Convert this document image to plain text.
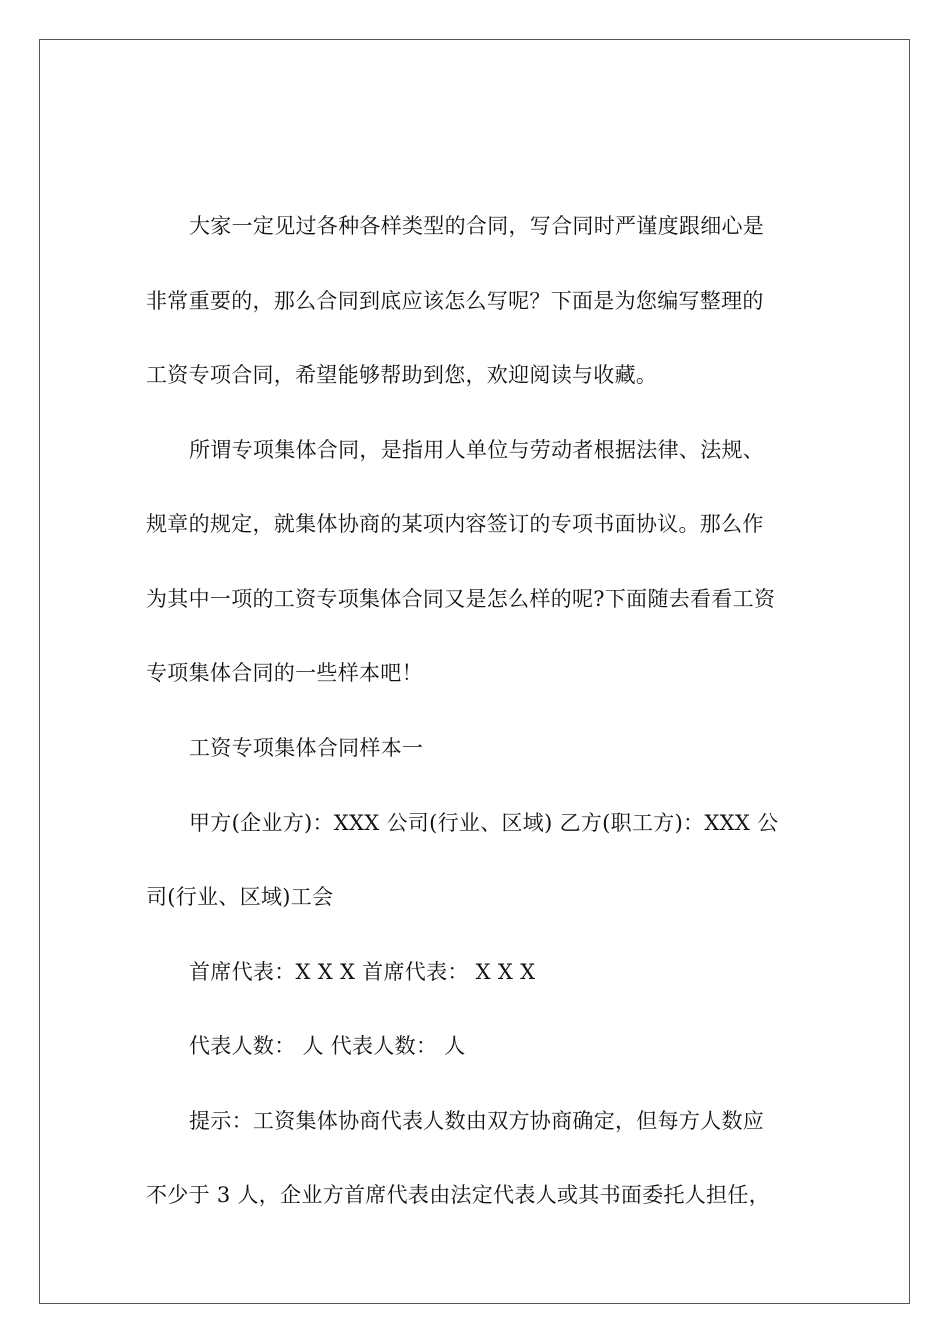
大家一定见过各种各样类型的合同，写合同时严谨度跟细心是
非常重要的，那么合同到底应该怎么写呢？下面是为您编写整理的
工资专项合同，希望能够帮助到您，欢迎阅读与收藏。
所谓专项集体合同，是指用人单位与劳动者根据法律、法规、
规章的规定，就集体协商的某项内容签订的专项书面协议。那么作
为其中一项的工资专项集体合同又是怎么样的呢?下面随去看看工资
专项集体合同的一些样本吧！
工资专项集体合同样本一
甲方(企业方)：XXX 公司(行业、区域) 乙方(职工方)：XXX 公
司(行业、区域)工会
首席代表：X X X 首席代表： X X X
代表人数： 人 代表人数： 人
提示：工资集体协商代表人数由双方协商确定，但每方人数应
不少于 3 人，企业方首席代表由法定代表人或其书面委托人担任，
